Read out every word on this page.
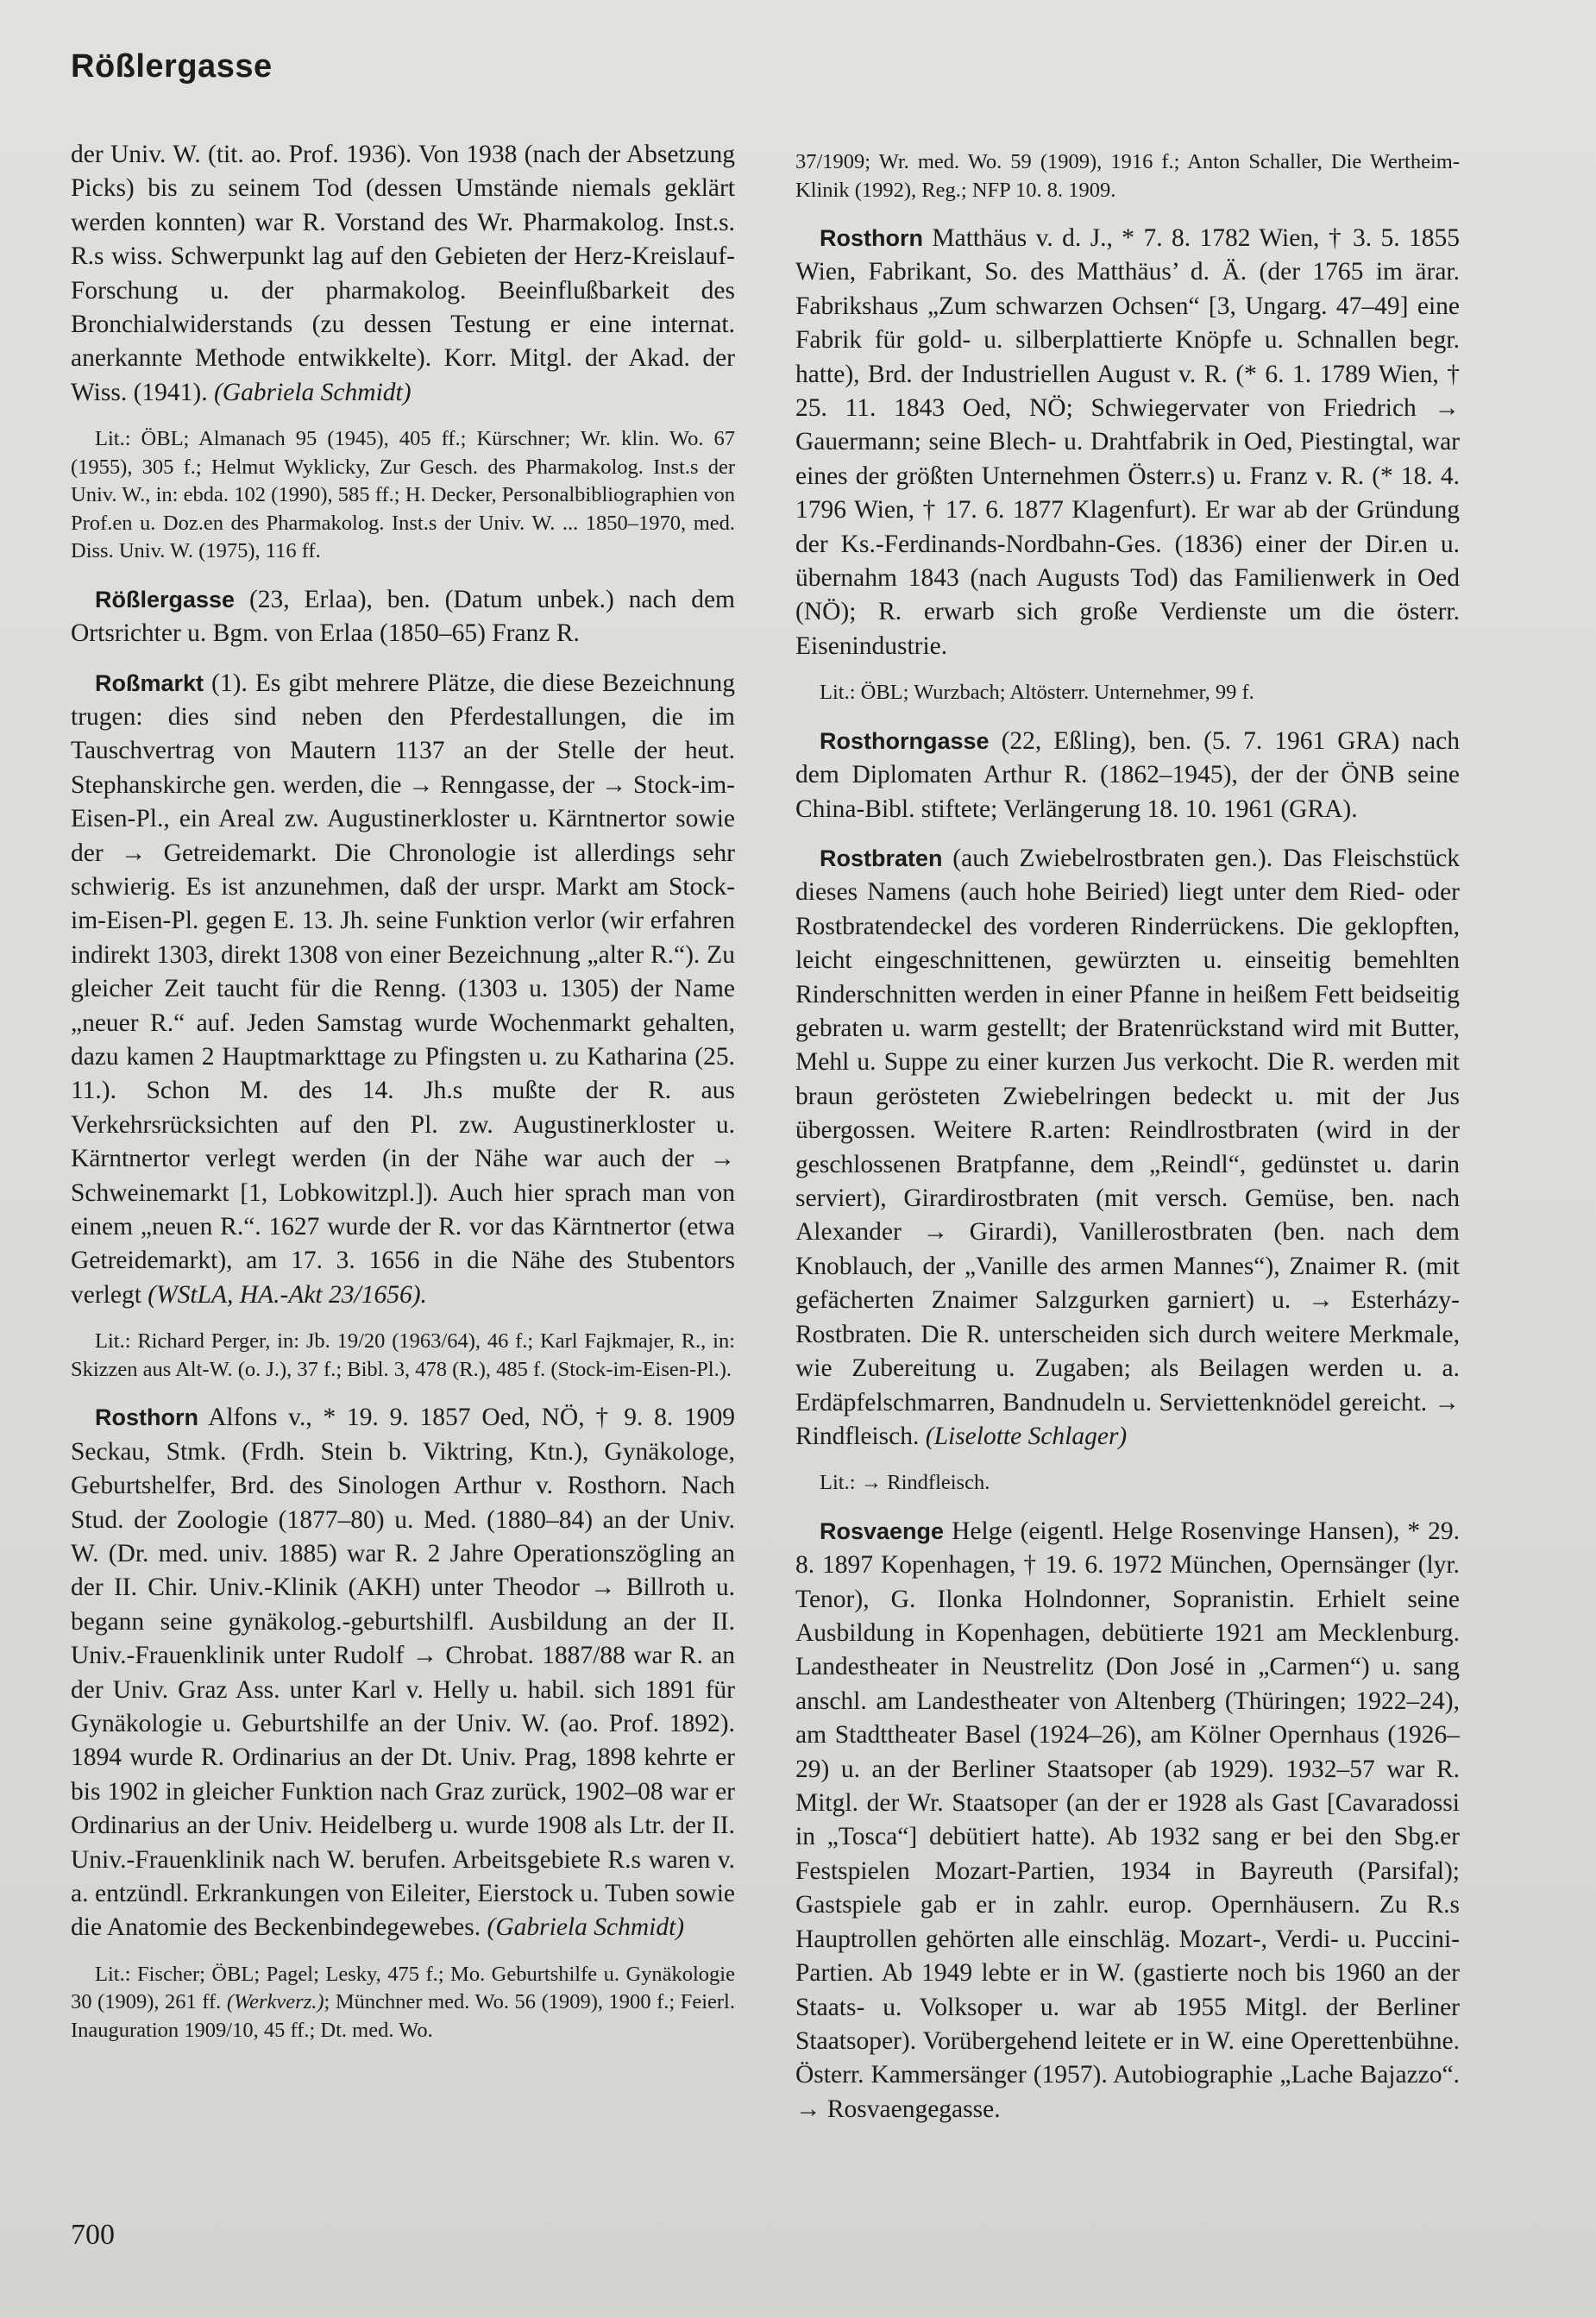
Rößlergasse

der Univ. W. (tit. ao. Prof. 1936). Von 1938 (nach der Absetzung Picks) bis zu seinem Tod (dessen Umstände niemals geklärt werden konnten) war R. Vorstand des Wr. Pharmakolog. Inst.s. R.s wiss. Schwerpunkt lag auf den Gebieten der Herz-Kreislauf-Forschung u. der pharmakolog. Beeinflußbarkeit des Bronchialwiderstands (zu dessen Testung er eine internat. anerkannte Methode entwikkelte). Korr. Mitgl. der Akad. der Wiss. (1941). (Gabriela Schmidt)

Lit.: ÖBL; Almanach 95 (1945), 405 ff.; Kürschner; Wr. klin. Wo. 67 (1955), 305 f.; Helmut Wyklicky, Zur Gesch. des Pharmakolog. Inst.s der Univ. W., in: ebda. 102 (1990), 585 ff.; H. Decker, Personalbibliographien von Prof.en u. Doz.en des Pharmakolog. Inst.s der Univ. W. ... 1850–1970, med. Diss. Univ. W. (1975), 116 ff.

Rößlergasse (23, Erlaa), ben. (Datum unbek.) nach dem Ortsrichter u. Bgm. von Erlaa (1850–65) Franz R.

Roßmarkt (1). Es gibt mehrere Plätze, die diese Bezeichnung trugen: dies sind neben den Pferdestallungen, die im Tauschvertrag von Mautern 1137 an der Stelle der heut. Stephanskirche gen. werden, die → Renngasse, der → Stock-im-Eisen-Pl., ein Areal zw. Augustinerkloster u. Kärntnertor sowie der → Getreidemarkt. Die Chronologie ist allerdings sehr schwierig. Es ist anzunehmen, daß der urspr. Markt am Stock-im-Eisen-Pl. gegen E. 13. Jh. seine Funktion verlor (wir erfahren indirekt 1303, direkt 1308 von einer Bezeichnung „alter R.“). Zu gleicher Zeit taucht für die Renng. (1303 u. 1305) der Name „neuer R.“ auf. Jeden Samstag wurde Wochenmarkt gehalten, dazu kamen 2 Hauptmarkttage zu Pfingsten u. zu Katharina (25. 11.). Schon M. des 14. Jh.s mußte der R. aus Verkehrsrücksichten auf den Pl. zw. Augustinerkloster u. Kärntnertor verlegt werden (in der Nähe war auch der → Schweinemarkt [1, Lobkowitzpl.]). Auch hier sprach man von einem „neuen R.“. 1627 wurde der R. vor das Kärntnertor (etwa Getreidemarkt), am 17. 3. 1656 in die Nähe des Stubentors verlegt (WStLA, HA.-Akt 23/1656).

Lit.: Richard Perger, in: Jb. 19/20 (1963/64), 46 f.; Karl Fajkmajer, R., in: Skizzen aus Alt-W. (o. J.), 37 f.; Bibl. 3, 478 (R.), 485 f. (Stock-im-Eisen-Pl.).

Rosthorn Alfons v., * 19. 9. 1857 Oed, NÖ, † 9. 8. 1909 Seckau, Stmk. (Frdh. Stein b. Viktring, Ktn.), Gynäkologe, Geburtshelfer, Brd. des Sinologen Arthur v. Rosthorn. Nach Stud. der Zoologie (1877–80) u. Med. (1880–84) an der Univ. W. (Dr. med. univ. 1885) war R. 2 Jahre Operationszögling an der II. Chir. Univ.-Klinik (AKH) unter Theodor → Billroth u. begann seine gynäkolog.-geburtshilfl. Ausbildung an der II. Univ.-Frauenklinik unter Rudolf → Chrobat. 1887/88 war R. an der Univ. Graz Ass. unter Karl v. Helly u. habil. sich 1891 für Gynäkologie u. Geburtshilfe an der Univ. W. (ao. Prof. 1892). 1894 wurde R. Ordinarius an der Dt. Univ. Prag, 1898 kehrte er bis 1902 in gleicher Funktion nach Graz zurück, 1902–08 war er Ordinarius an der Univ. Heidelberg u. wurde 1908 als Ltr. der II. Univ.-Frauenklinik nach W. berufen. Arbeitsgebiete R.s waren v. a. entzündl. Erkrankungen von Eileiter, Eierstock u. Tuben sowie die Anatomie des Beckenbindegewebes. (Gabriela Schmidt)

Lit.: Fischer; ÖBL; Pagel; Lesky, 475 f.; Mo. Geburtshilfe u. Gynäkologie 30 (1909), 261 ff. (Werkverz.); Münchner med. Wo. 56 (1909), 1900 f.; Feierl. Inauguration 1909/10, 45 ff.; Dt. med. Wo.

37/1909; Wr. med. Wo. 59 (1909), 1916 f.; Anton Schaller, Die Wertheim-Klinik (1992), Reg.; NFP 10. 8. 1909.

Rosthorn Matthäus v. d. J., * 7. 8. 1782 Wien, † 3. 5. 1855 Wien, Fabrikant, So. des Matthäus’ d. Ä. (der 1765 im ärar. Fabrikshaus „Zum schwarzen Ochsen“ [3, Ungarg. 47–49] eine Fabrik für gold- u. silberplattierte Knöpfe u. Schnallen begr. hatte), Brd. der Industriellen August v. R. (* 6. 1. 1789 Wien, † 25. 11. 1843 Oed, NÖ; Schwiegervater von Friedrich → Gauermann; seine Blech- u. Drahtfabrik in Oed, Piestingtal, war eines der größten Unternehmen Österr.s) u. Franz v. R. (* 18. 4. 1796 Wien, † 17. 6. 1877 Klagenfurt). Er war ab der Gründung der Ks.-Ferdinands-Nordbahn-Ges. (1836) einer der Dir.en u. übernahm 1843 (nach Augusts Tod) das Familienwerk in Oed (NÖ); R. erwarb sich große Verdienste um die österr. Eisenindustrie.

Lit.: ÖBL; Wurzbach; Altösterr. Unternehmer, 99 f.

Rosthorngasse (22, Eßling), ben. (5. 7. 1961 GRA) nach dem Diplomaten Arthur R. (1862–1945), der der ÖNB seine China-Bibl. stiftete; Verlängerung 18. 10. 1961 (GRA).

Rostbraten (auch Zwiebelrostbraten gen.). Das Fleischstück dieses Namens (auch hohe Beiried) liegt unter dem Ried- oder Rostbratendeckel des vorderen Rinderrückens. Die geklopften, leicht eingeschnittenen, gewürzten u. einseitig bemehlten Rinderschnitten werden in einer Pfanne in heißem Fett beidseitig gebraten u. warm gestellt; der Bratenrückstand wird mit Butter, Mehl u. Suppe zu einer kurzen Jus verkocht. Die R. werden mit braun gerösteten Zwiebelringen bedeckt u. mit der Jus übergossen. Weitere R.arten: Reindlrostbraten (wird in der geschlossenen Bratpfanne, dem „Reindl“, gedünstet u. darin serviert), Girardirostbraten (mit versch. Gemüse, ben. nach Alexander → Girardi), Vanillerostbraten (ben. nach dem Knoblauch, der „Vanille des armen Mannes“), Znaimer R. (mit gefächerten Znaimer Salzgurken garniert) u. → Esterházy-Rostbraten. Die R. unterscheiden sich durch weitere Merkmale, wie Zubereitung u. Zugaben; als Beilagen werden u. a. Erdäpfelschmarren, Bandnudeln u. Serviettenknödel gereicht. → Rindfleisch. (Liselotte Schlager)

Lit.: → Rindfleisch.

Rosvaenge Helge (eigentl. Helge Rosenvinge Hansen), * 29. 8. 1897 Kopenhagen, † 19. 6. 1972 München, Opernsänger (lyr. Tenor), G. Ilonka Holndonner, Sopranistin. Erhielt seine Ausbildung in Kopenhagen, debütierte 1921 am Mecklenburg. Landestheater in Neustrelitz (Don José in „Carmen“) u. sang anschl. am Landestheater von Altenberg (Thüringen; 1922–24), am Stadttheater Basel (1924–26), am Kölner Opernhaus (1926–29) u. an der Berliner Staatsoper (ab 1929). 1932–57 war R. Mitgl. der Wr. Staatsoper (an der er 1928 als Gast [Cavaradossi in „Tosca“] debütiert hatte). Ab 1932 sang er bei den Sbg.er Festspielen Mozart-Partien, 1934 in Bayreuth (Parsifal); Gastspiele gab er in zahlr. europ. Opernhäusern. Zu R.s Hauptrollen gehörten alle einschläg. Mozart-, Verdi- u. Puccini-Partien. Ab 1949 lebte er in W. (gastierte noch bis 1960 an der Staats- u. Volksoper u. war ab 1955 Mitgl. der Berliner Staatsoper). Vorübergehend leitete er in W. eine Operettenbühne. Österr. Kammersänger (1957). Autobiographie „Lache Bajazzo“. → Rosvaengegasse.

700
